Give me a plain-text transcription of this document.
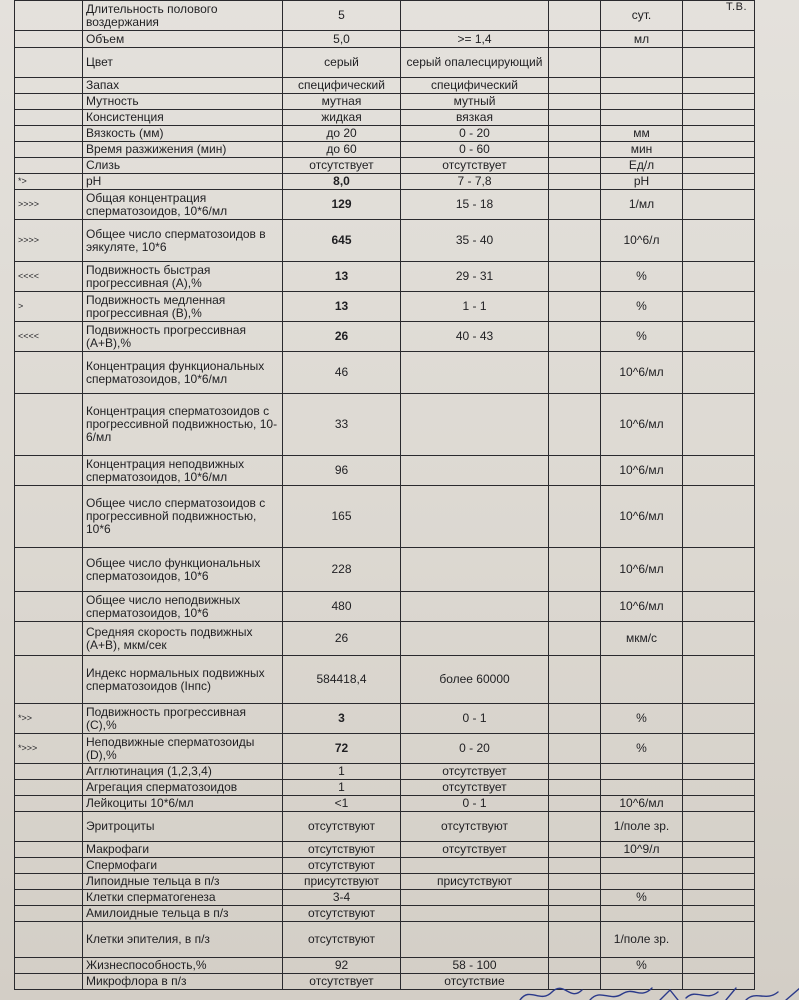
Т.В.
	Длительность полового воздержания	5			сут.	
	Объем	5,0	>= 1,4		мл	
	Цвет	серый	серый опалесцирующий			
	Запах	специфический	специфический			
	Мутность	мутная	мутный			
	Консистенция	жидкая	вязкая			
	Вязкость (мм)	до 20	0 - 20		мм	
	Время разжижения (мин)	до 60	0 - 60		мин	
	Слизь	отсутствует	отсутствует		Ед/л	
*>	pH	8,0	7 - 7,8		pH	
>>>>	Общая концентрация сперматозоидов, 10*6/мл	129	15 - 18		1/мл	
>>>>	Общее число сперматозоидов в эякуляте, 10*6	645	35 - 40		10^6/л	
<<<<	Подвижность быстрая прогрессивная (A),%	13	29 - 31		%	
>	Подвижность медленная прогрессивная (B),%	13	1 - 1		%	
<<<<	Подвижность прогрессивная (A+B),%	26	40 - 43		%	
	Концентрация функциональных сперматозоидов, 10*6/мл	46			10^6/мл	
	Концентрация сперматозоидов с прогрессивной подвижностью, 10-6/мл	33			10^6/мл	
	Концентрация неподвижных сперматозоидов, 10*6/мл	96			10^6/мл	
	Общее число сперматозоидов с прогрессивной подвижностью, 10*6	165			10^6/мл	
	Общее число функциональных сперматозоидов, 10*6	228			10^6/мл	
	Общее число неподвижных сперматозоидов, 10*6	480			10^6/мл	
	Средняя скорость подвижных (A+B), мкм/сек	26			мкм/с	
	Индекс нормальных подвижных сперматозоидов (Iнпс)	584418,4	более 60000			
*>>	Подвижность прогрессивная (C),%	3	0 - 1		%	
*>>>	Неподвижные сперматозоиды (D),%	72	0 - 20		%	
	Агглютинация (1,2,3,4)	1	отсутствует			
	Агрегация сперматозоидов	1	отсутствует			
	Лейкоциты 10*6/мл	<1	0 - 1		10^6/мл	
	Эритроциты	отсутствуют	отсутствуют		1/поле зр.	
	Макрофаги	отсутствуют	отсутствует		10^9/л	
	Спермофаги	отсутствуют				
	Липоидные тельца в п/з	присутствуют	присутствуют			
	Клетки сперматогенеза	3-4			%	
	Амилоидные тельца в п/з	отсутствуют				
	Клетки эпителия, в п/з	отсутствуют			1/поле зр.	
	Жизнеспособность,%	92	58 - 100		%	
	Микрофлора в п/з	отсутствует	отсутствие			
